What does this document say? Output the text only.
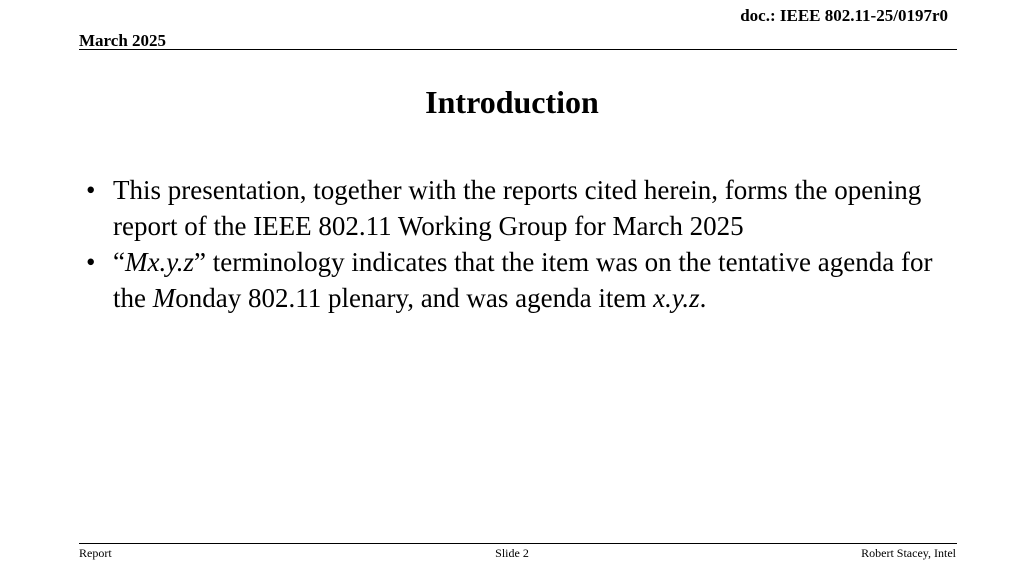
doc.: IEEE 802.11-25/0197r0
March 2025
Introduction
• This presentation, together with the reports cited herein, forms the opening report of the IEEE 802.11 Working Group for March 2025
• “Mx.y.z” terminology indicates that the item was on the tentative agenda for the Monday 802.11 plenary, and was agenda item x.y.z.
Report	Slide 2	Robert Stacey, Intel
